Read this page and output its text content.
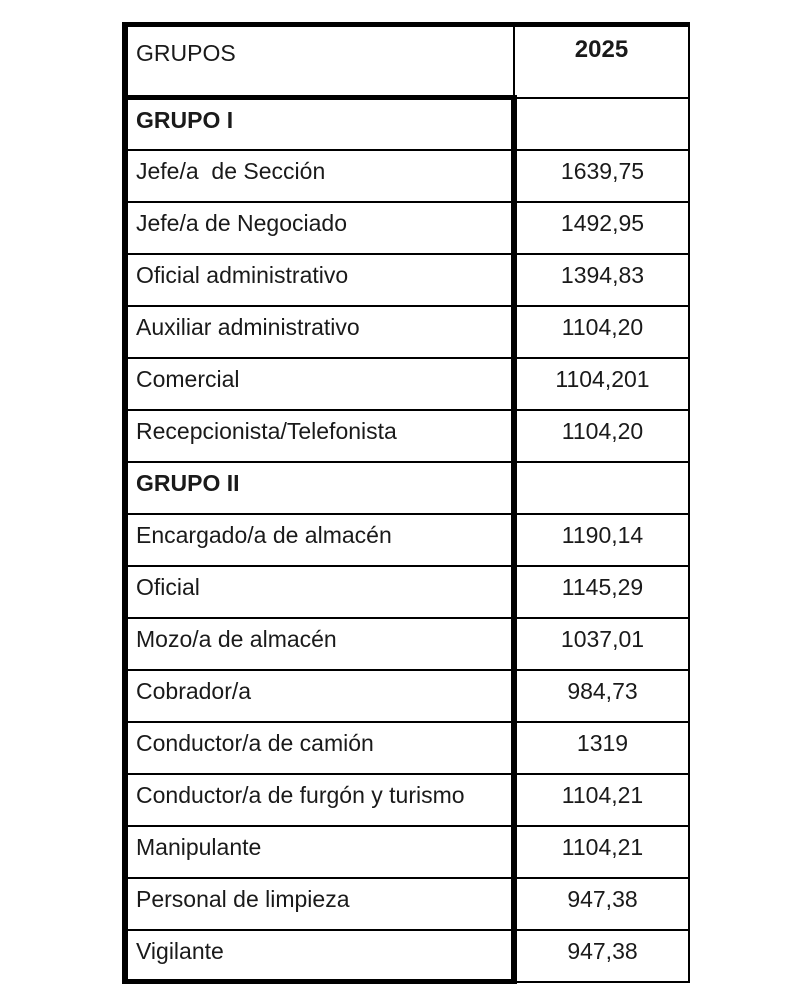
GRUPOS	2025
GRUPO I	
Jefe/a  de Sección	1639,75
Jefe/a de Negociado	1492,95
Oficial administrativo	1394,83
Auxiliar administrativo	1104,20
Comercial	1104,201
Recepcionista/Telefonista	1104,20
GRUPO II	
Encargado/a de almacén	1190,14
Oficial	1145,29
Mozo/a de almacén	1037,01
Cobrador/a	984,73
Conductor/a de camión	1319
Conductor/a de furgón y turismo	1104,21
Manipulante	1104,21
Personal de limpieza	947,38
Vigilante	947,38
